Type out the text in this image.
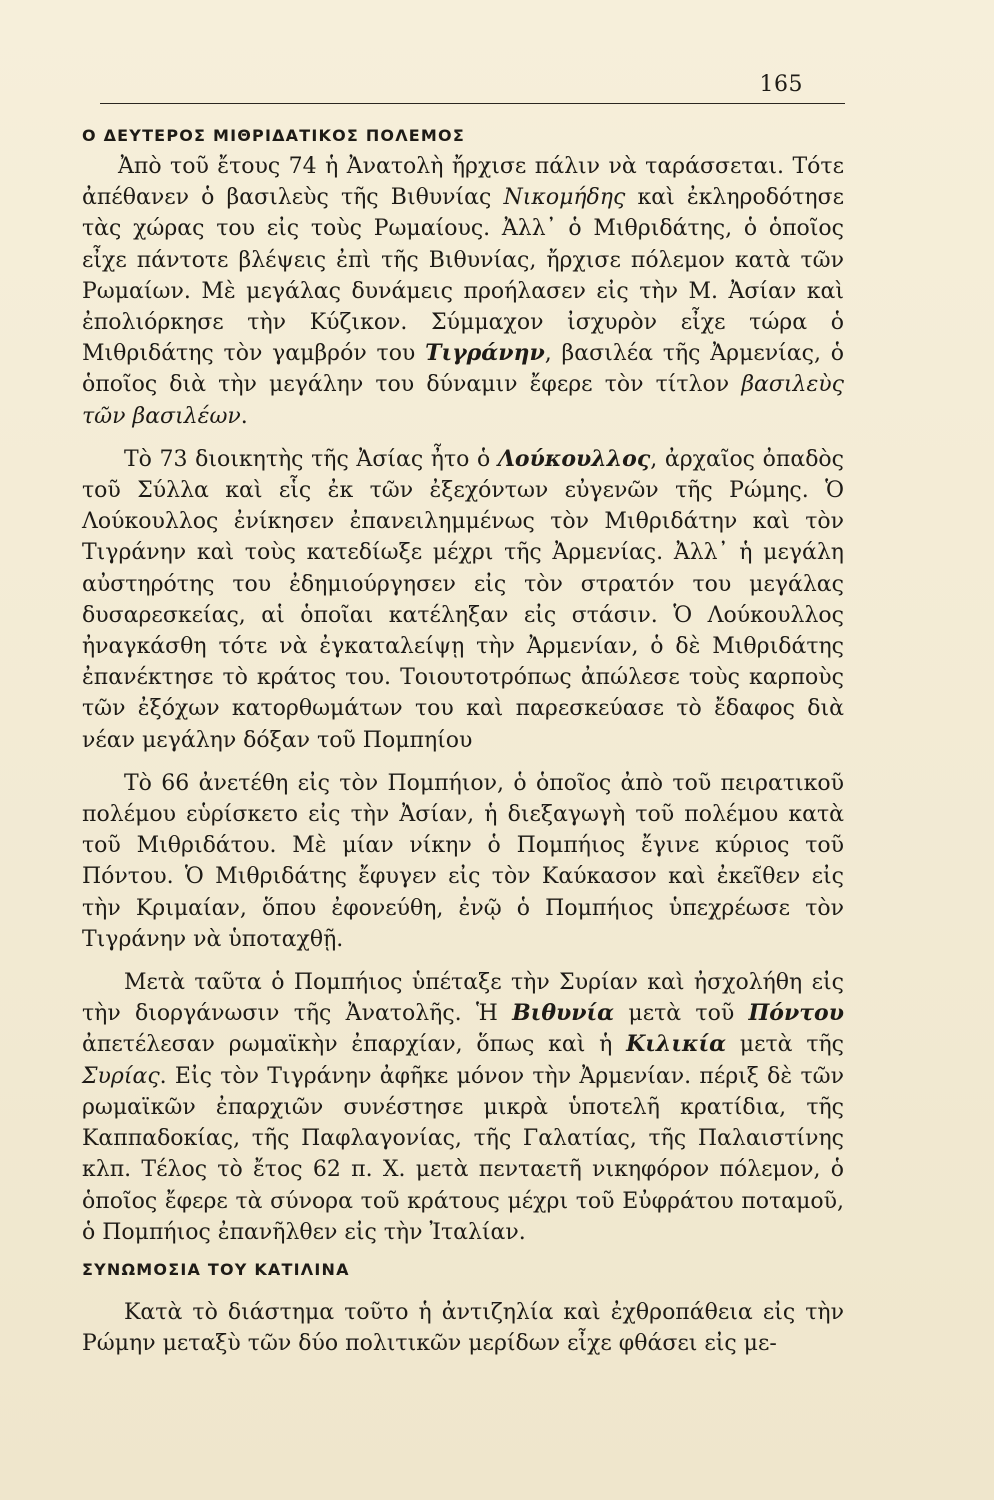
165
Ο ΔΕΥΤΕΡΟΣ ΜΙΘΡΙΔΑΤΙΚΟΣ ΠΟΛΕΜΟΣ

Ἀπὸ τοῦ ἔτους 74 ἡ Ἀνατολὴ ἤρχισε πάλιν νὰ ταράσσεται. Τότε ἀπέθανεν ὁ βασιλεὺς τῆς Βιθυνίας Νικομήδης καὶ ἐκληροδότησε τὰς χώρας του εἰς τοὺς Ρωμαίους. Ἀλλ᾽ ὁ Μιθριδάτης, ὁ ὁποῖος εἶχε πάντοτε βλέψεις ἐπὶ τῆς Βιθυνίας, ἤρχισε πόλεμον κατὰ τῶν Ρωμαίων. Μὲ μεγάλας δυνάμεις προήλασεν εἰς τὴν Μ. Ἀσίαν καὶ ἐπολιόρκησε τὴν Κύζικον. Σύμμαχον ἰσχυρὸν εἶχε τώρα ὁ Μιθριδάτης τὸν γαμβρόν του Τιγράνην, βασιλέα τῆς Ἀρμενίας, ὁ ὁποῖος διὰ τὴν μεγάλην του δύναμιν ἔφερε τὸν τίτλον βασιλεὺς τῶν βασιλέων.

Τὸ 73 διοικητὴς τῆς Ἀσίας ἦτο ὁ Λούκουλλος, ἀρχαῖος ὀπαδὸς τοῦ Σύλλα καὶ εἷς ἐκ τῶν ἐξεχόντων εὐγενῶν τῆς Ρώμης. Ὁ Λούκουλλος ἐνίκησεν ἐπανειλημμένως τὸν Μιθριδάτην καὶ τὸν Τιγράνην καὶ τοὺς κατεδίωξε μέχρι τῆς Ἀρμενίας. Ἀλλ᾽ ἡ μεγάλη αὐστηρότης του ἐδημιούργησεν εἰς τὸν στρατόν του μεγάλας δυσαρεσκείας, αἱ ὁποῖαι κατέληξαν εἰς στάσιν. Ὁ Λούκουλλος ἠναγκάσθη τότε νὰ ἐγκαταλείψῃ τὴν Ἀρμενίαν, ὁ δὲ Μιθριδάτης ἐπανέκτησε τὸ κράτος του. Τοιουτοτρόπως ἀπώλεσε τοὺς καρποὺς τῶν ἐξόχων κατορθωμάτων του καὶ παρεσκεύασε τὸ ἔδαφος διὰ νέαν μεγάλην δόξαν τοῦ Πομπηίου

Τὸ 66 ἀνετέθη εἰς τὸν Πομπήιον, ὁ ὁποῖος ἀπὸ τοῦ πειρατικοῦ πολέμου εὑρίσκετο εἰς τὴν Ἀσίαν, ἡ διεξαγωγὴ τοῦ πολέμου κατὰ τοῦ Μιθριδάτου. Μὲ μίαν νίκην ὁ Πομπήιος ἔγινε κύριος τοῦ Πόντου. Ὁ Μιθριδάτης ἔφυγεν εἰς τὸν Καύκασον καὶ ἐκεῖθεν εἰς τὴν Κριμαίαν, ὅπου ἐφονεύθη, ἐνῷ ὁ Πομπήιος ὑπεχρέωσε τὸν Τιγράνην νὰ ὑποταχθῇ.

Μετὰ ταῦτα ὁ Πομπήιος ὑπέταξε τὴν Συρίαν καὶ ἠσχολήθη εἰς τὴν διοργάνωσιν τῆς Ἀνατολῆς. Ἡ Βιθυνία μετὰ τοῦ Πόντου ἀπετέλεσαν ρωμαϊκὴν ἐπαρχίαν, ὅπως καὶ ἡ Κιλικία μετὰ τῆς Συρίας. Εἰς τὸν Τιγράνην ἀφῆκε μόνον τὴν Ἀρμενίαν. πέριξ δὲ τῶν ρωμαϊκῶν ἐπαρχιῶν συνέστησε μικρὰ ὑποτελῆ κρατίδια, τῆς Καππαδοκίας, τῆς Παφλαγονίας, τῆς Γαλατίας, τῆς Παλαιστίνης κλπ. Τέλος τὸ ἔτος 62 π. Χ. μετὰ πενταετῆ νικηφόρον πόλεμον, ὁ ὁποῖος ἔφερε τὰ σύνορα τοῦ κράτους μέχρι τοῦ Εὐφράτου ποταμοῦ, ὁ Πομπήιος ἐπανῆλθεν εἰς τὴν Ἰταλίαν.

ΣΥΝΩΜΟΣΙΑ ΤΟΥ ΚΑΤΙΛΙΝΑ

Κατὰ τὸ διάστημα τοῦτο ἡ ἀντιζηλία καὶ ἐχθροπάθεια εἰς τὴν Ρώμην μεταξὺ τῶν δύο πολιτικῶν μερίδων εἶχε φθάσει εἰς με-
